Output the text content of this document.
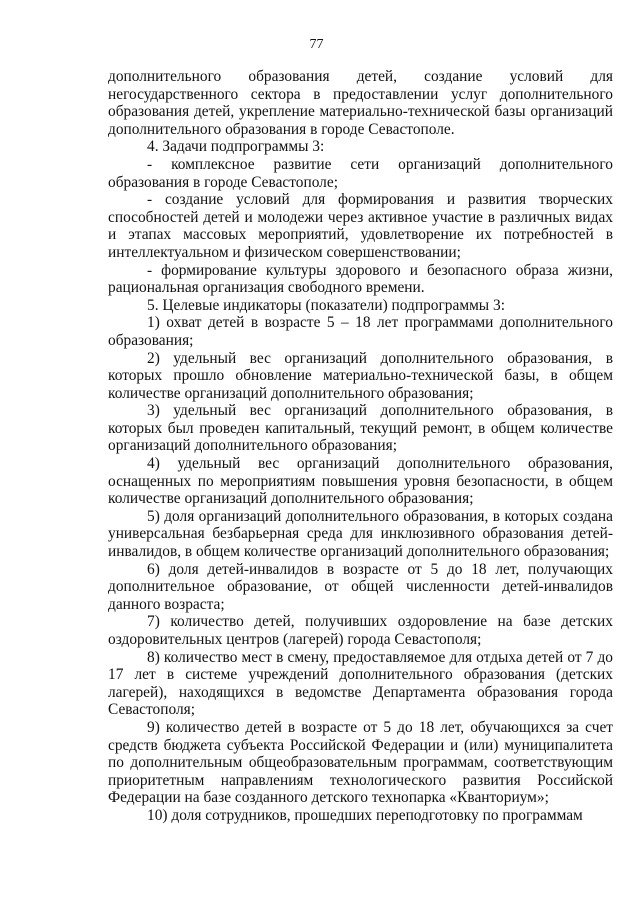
77

дополнительного образования детей, создание условий для негосударственного сектора в предоставлении услуг дополнительного образования детей, укрепление материально-технической базы организаций дополнительного образования в городе Севастополе.

4. Задачи подпрограммы 3:

- комплексное развитие сети организаций дополнительного образования в городе Севастополе;

- создание условий для формирования и развития творческих способностей детей и молодежи через активное участие в различных видах и этапах массовых мероприятий, удовлетворение их потребностей в интеллектуальном и физическом совершенствовании;

- формирование культуры здорового и безопасного образа жизни, рациональная организация свободного времени.

5. Целевые индикаторы (показатели) подпрограммы 3:

1) охват детей в возрасте 5 – 18 лет программами дополнительного образования;

2) удельный вес организаций дополнительного образования, в которых прошло обновление материально-технической базы, в общем количестве организаций дополнительного образования;

3) удельный вес организаций дополнительного образования, в которых был проведен капитальный, текущий ремонт, в общем количестве организаций дополнительного образования;

4) удельный вес организаций дополнительного образования, оснащенных по мероприятиям повышения уровня безопасности, в общем количестве организаций дополнительного образования;

5) доля организаций дополнительного образования, в которых создана универсальная безбарьерная среда для инклюзивного образования детей-инвалидов, в общем количестве организаций дополнительного образования;

6) доля детей-инвалидов в возрасте от 5 до 18 лет, получающих дополнительное образование, от общей численности детей-инвалидов данного возраста;

7) количество детей, получивших оздоровление на базе детских оздоровительных центров (лагерей) города Севастополя;

8) количество мест в смену, предоставляемое для отдыха детей от 7 до 17 лет в системе учреждений дополнительного образования (детских лагерей), находящихся в ведомстве Департамента образования города Севастополя;

9) количество детей в возрасте от 5 до 18 лет, обучающихся за счет средств бюджета субъекта Российской Федерации и (или) муниципалитета по дополнительным общеобразовательным программам, соответствующим приоритетным направлениям технологического развития Российской Федерации на базе созданного детского технопарка «Кванториум»;

10) доля сотрудников, прошедших переподготовку по программам
